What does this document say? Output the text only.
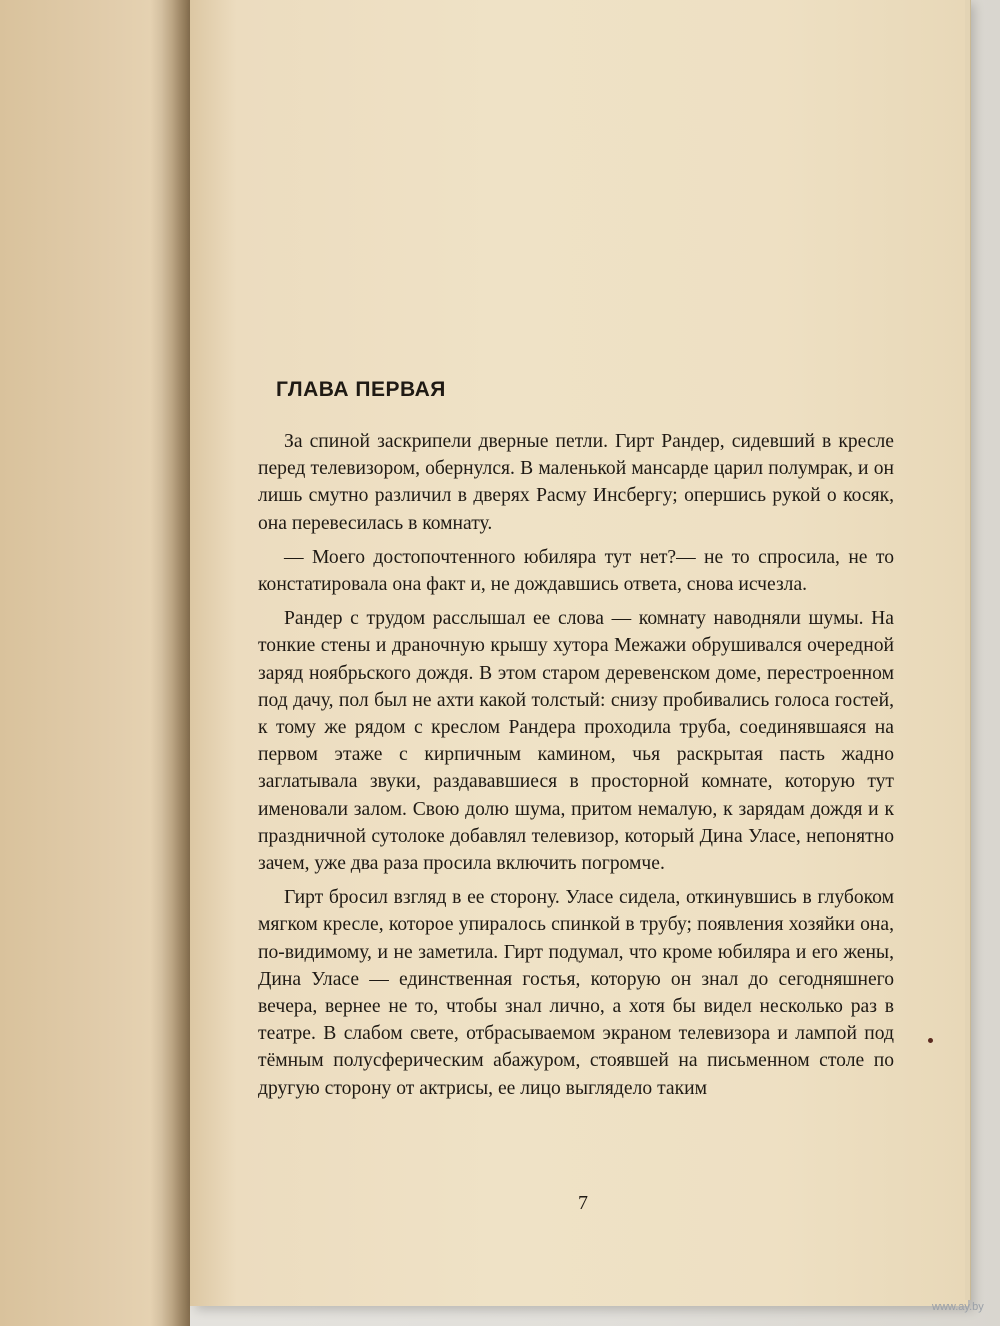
ГЛАВА ПЕРВАЯ

За спиной заскрипели дверные петли. Гирт Рандер, сидевший в кресле перед телевизором, обернулся. В маленькой мансарде царил полумрак, и он лишь смутно различил в дверях Расму Инсбергу; опершись рукой о косяк, она перевесилась в комнату.

— Моего достопочтенного юбиляра тут нет?— не то спросила, не то констатировала она факт и, не дождавшись ответа, снова исчезла.

Рандер с трудом расслышал ее слова — комнату наводняли шумы. На тонкие стены и драночную крышу хутора Межажи обрушивался очередной заряд ноябрьского дождя. В этом старом деревенском доме, перестроенном под дачу, пол был не ахти какой толстый: снизу пробивались голоса гостей, к тому же рядом с креслом Рандера проходила труба, соединявшаяся на первом этаже с кирпичным камином, чья раскрытая пасть жадно заглатывала звуки, раздававшиеся в просторной комнате, которую тут именовали залом. Свою долю шума, притом немалую, к зарядам дождя и к праздничной сутолоке добавлял телевизор, который Дина Уласе, непонятно зачем, уже два раза просила включить погромче.

Гирт бросил взгляд в ее сторону. Уласе сидела, откинувшись в глубоком мягком кресле, которое упиралось спинкой в трубу; появления хозяйки она, по-видимому, и не заметила. Гирт подумал, что кроме юбиляра и его жены, Дина Уласе — единственная гостья, которую он знал до сегодняшнего вечера, вернее не то, чтобы знал лично, а хотя бы видел несколько раз в театре. В слабом свете, отбрасываемом экраном телевизора и лампой под тёмным полусферическим абажуром, стоявшей на письменном столе по другую сторону от актрисы, ее лицо выглядело таким

7
www.ay.by
